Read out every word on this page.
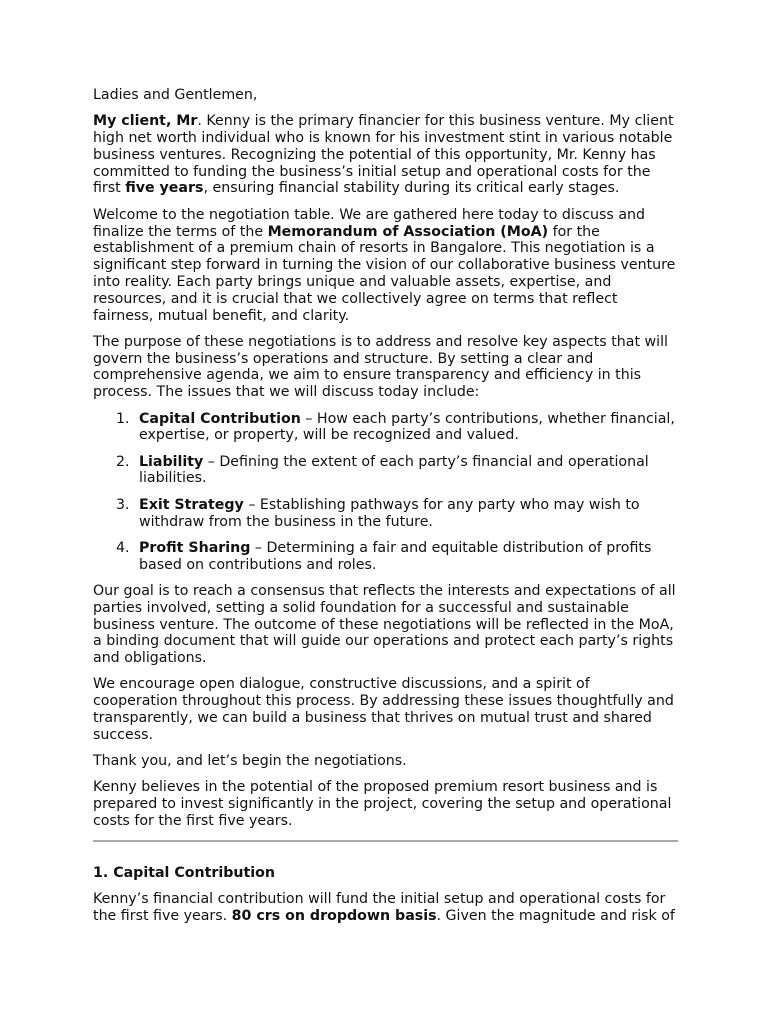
Ladies and Gentlemen,

My client, Mr. Kenny is the primary financier for this business venture. My client high net worth individual who is known for his investment stint in various notable business ventures. Recognizing the potential of this opportunity, Mr. Kenny has committed to funding the business’s initial setup and operational costs for the first five years, ensuring financial stability during its critical early stages.

Welcome to the negotiation table. We are gathered here today to discuss and finalize the terms of the Memorandum of Association (MoA) for the establishment of a premium chain of resorts in Bangalore. This negotiation is a significant step forward in turning the vision of our collaborative business venture into reality. Each party brings unique and valuable assets, expertise, and resources, and it is crucial that we collectively agree on terms that reflect fairness, mutual benefit, and clarity.

The purpose of these negotiations is to address and resolve key aspects that will govern the business’s operations and structure. By setting a clear and comprehensive agenda, we aim to ensure transparency and efficiency in this process. The issues that we will discuss today include:

1. Capital Contribution – How each party’s contributions, whether financial, expertise, or property, will be recognized and valued.
2. Liability – Defining the extent of each party’s financial and operational liabilities.
3. Exit Strategy – Establishing pathways for any party who may wish to withdraw from the business in the future.
4. Profit Sharing – Determining a fair and equitable distribution of profits based on contributions and roles.

Our goal is to reach a consensus that reflects the interests and expectations of all parties involved, setting a solid foundation for a successful and sustainable business venture. The outcome of these negotiations will be reflected in the MoA, a binding document that will guide our operations and protect each party’s rights and obligations.

We encourage open dialogue, constructive discussions, and a spirit of cooperation throughout this process. By addressing these issues thoughtfully and transparently, we can build a business that thrives on mutual trust and shared success.

Thank you, and let’s begin the negotiations.

Kenny believes in the potential of the proposed premium resort business and is prepared to invest significantly in the project, covering the setup and operational costs for the first five years.

1. Capital Contribution

Kenny’s financial contribution will fund the initial setup and operational costs for the first five years. 80 crs on dropdown basis. Given the magnitude and risk of
